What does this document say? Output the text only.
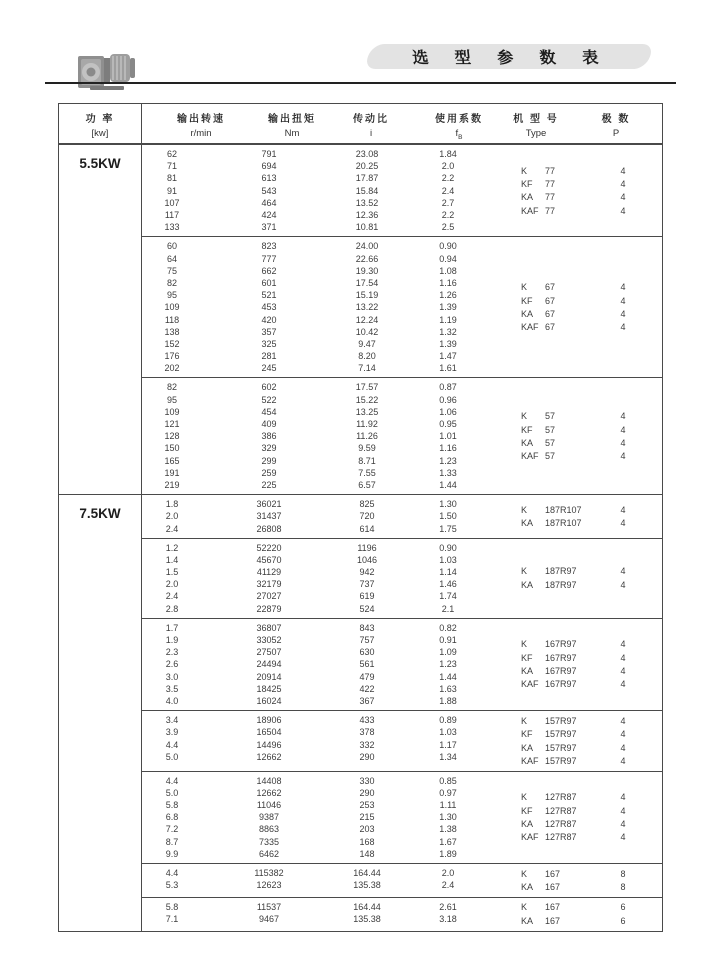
选 型 参 数 表
功 率
[kw]
输出转速
r/min
输出扭矩
Nm
传动比
i
使用系数
$f_B$
机 型 号
Type
极 数
P
5.5KW
62	791	23.08	1.84
71	694	20.25	2.0
81	613	17.87	2.2
91	543	15.84	2.4
107	464	13.52	2.7
117	424	12.36	2.2
133	371	10.81	2.5
K	77	4
KF	77	4
KA	77	4
KAF 77	4
60	823	24.00	0.90
64	777	22.66	0.94
75	662	19.30	1.08
82	601	17.54	1.16
95	521	15.19	1.26
109	453	13.22	1.39
118	420	12.24	1.19
138	357	10.42	1.32
152	325	9.47	1.39
176	281	8.20	1.47
202	245	7.14	1.61
K	67	4
KF	67	4
KA	67	4
KAF 67	4
82	602	17.57	0.87
95	522	15.22	0.96
109	454	13.25	1.06
121	409	11.92	0.95
128	386	11.26	1.01
150	329	9.59	1.16
165	299	8.71	1.23
191	259	7.55	1.33
219	225	6.57	1.44
K	57	4
KF	57	4
KA	57	4
KAF 57	4
7.5KW
1.8	36021	825	1.30
2.0	31437	720	1.50
2.4	26808	614	1.75
K	187R107	4
KA	187R107	4
1.2	52220	1196	0.90
1.4	45670	1046	1.03
1.5	41129	942	1.14
2.0	32179	737	1.46
2.4	27027	619	1.74
2.8	22879	524	2.1
K	187R97	4
KA	187R97	4
1.7	36807	843	0.82
1.9	33052	757	0.91
2.3	27507	630	1.09
2.6	24494	561	1.23
3.0	20914	479	1.44
3.5	18425	422	1.63
4.0	16024	367	1.88
K	167R97	4
KF	167R97	4
KA	167R97	4
KAF 167R97	4
3.4	18906	433	0.89
3.9	16504	378	1.03
4.4	14496	332	1.17
5.0	12662	290	1.34
K	157R97	4
KF	157R97	4
KA	157R97	4
KAF 157R97	4
4.4	14408	330	0.85
5.0	12662	290	0.97
5.8	11046	253	1.11
6.8	9387	215	1.30
7.2	8863	203	1.38
8.7	7335	168	1.67
9.9	6462	148	1.89
K	127R87	4
KF	127R87	4
KA	127R87	4
KAF 127R87	4
4.4	115382	164.44	2.0
5.3	12623	135.38	2.4
K	167	8
KA	167	8
5.8	11537	164.44	2.61
7.1	9467	135.38	3.18
K	167	6
KA	167	6
